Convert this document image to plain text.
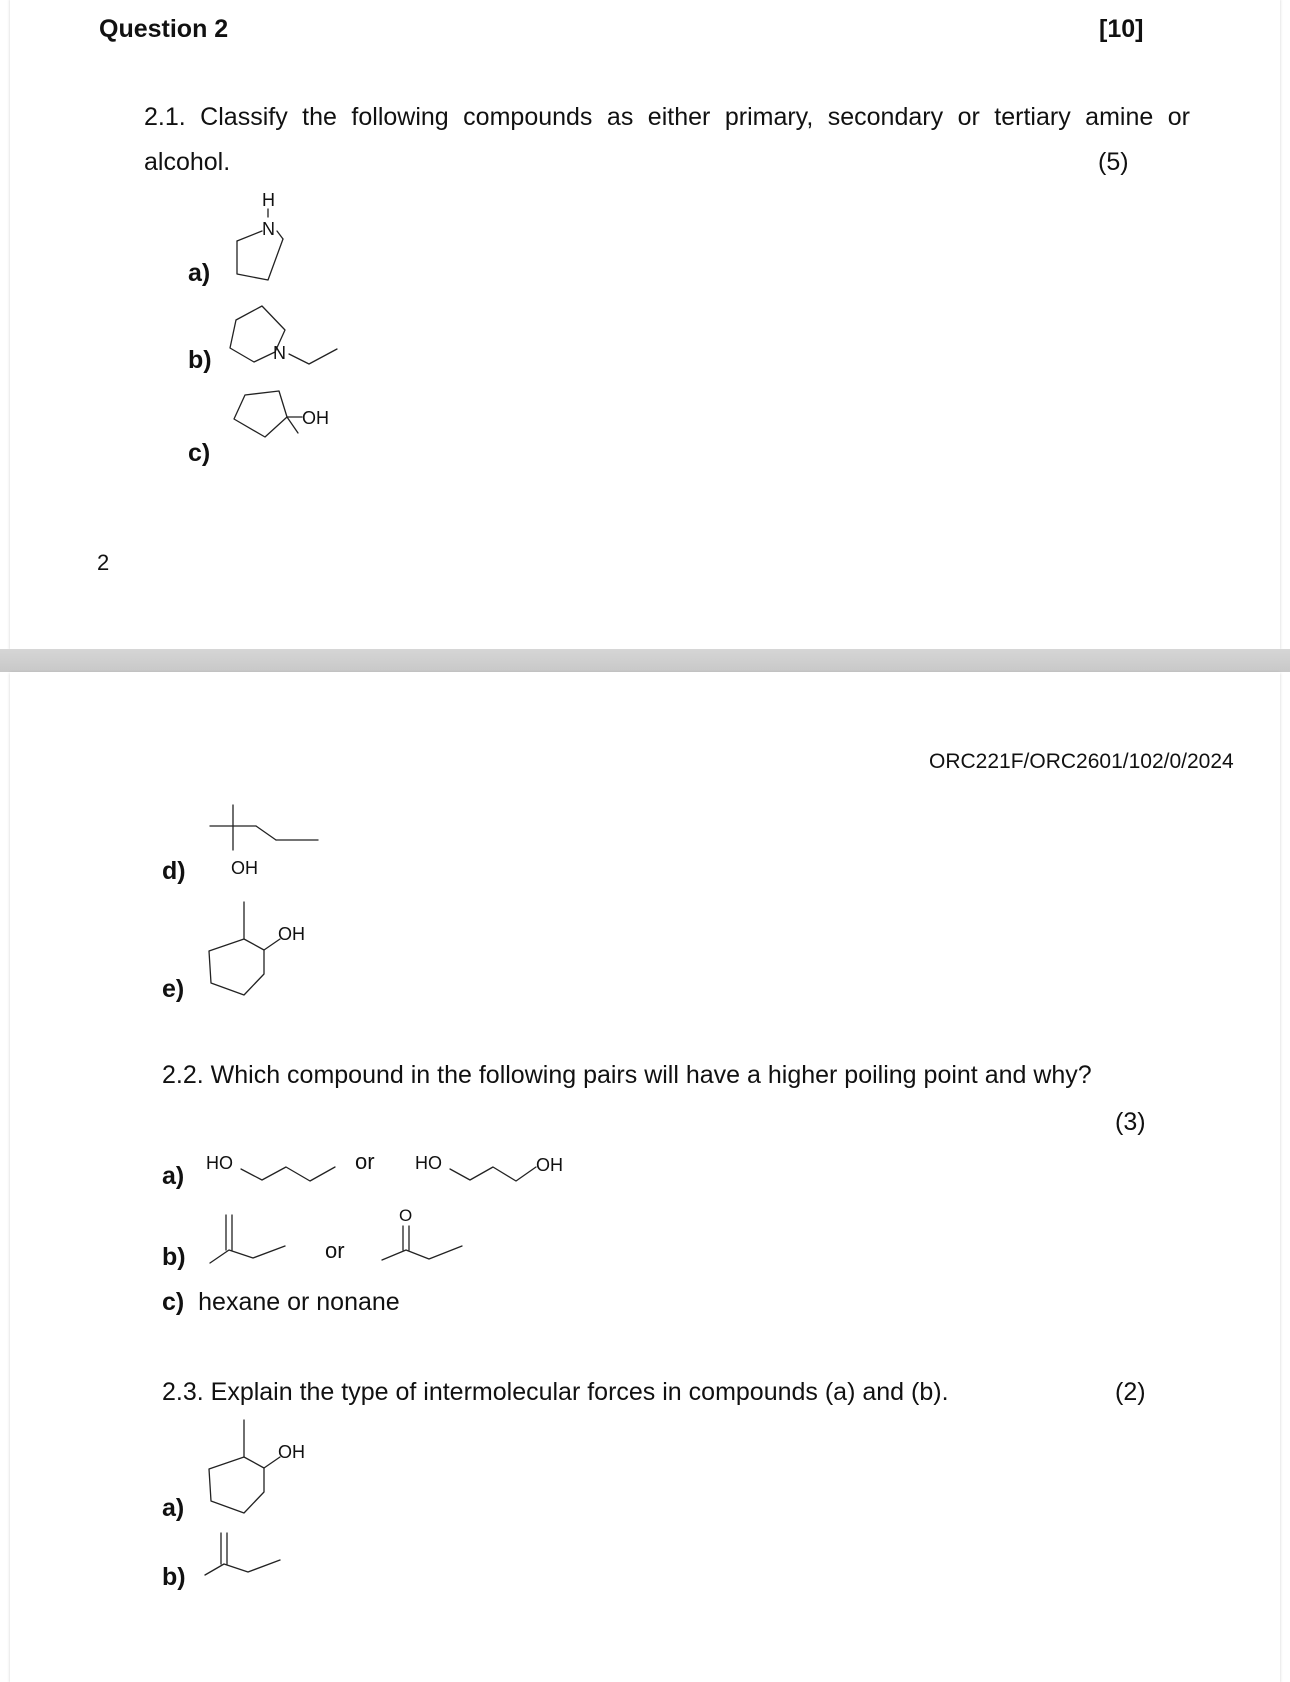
Question 2	[10]
2.1. Classify the following compounds as either primary, secondary or tertiary amine or
alcohol.	(5)
a)
H
N
b)	N
c)
OH
2
ORC221F/ORC2601/102/0/2024
d)	OH
e)
OH
2.2. Which compound in the following pairs will have a higher poiling point and why?
(3)
a) HO	or HO	OH
b)	or
O
c) hexane or nonane
2.3. Explain the type of intermolecular forces in compounds (a) and (b).	(2)
a)
OH
b)
